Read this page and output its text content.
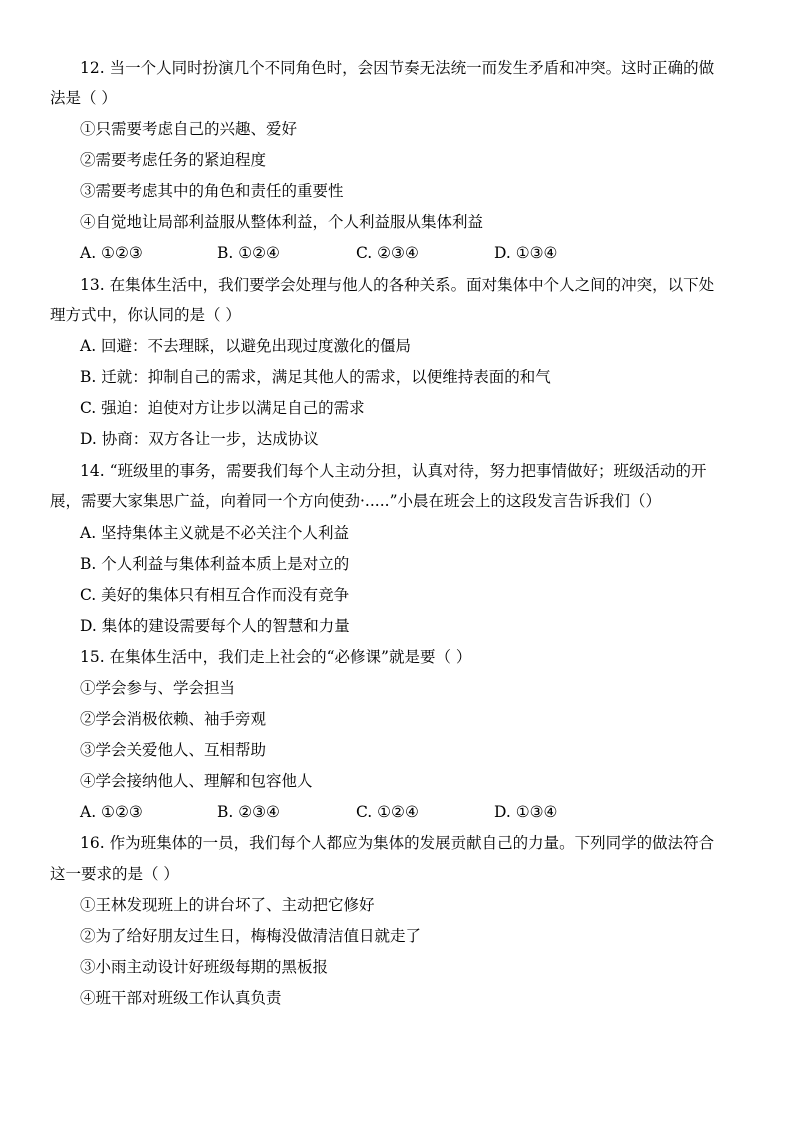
12. 当一个人同时扮演几个不同角色时，会因节奏无法统一而发生矛盾和冲突。这时正确的做
法是（ ）
①只需要考虑自己的兴趣、爱好
②需要考虑任务的紧迫程度
③需要考虑其中的角色和责任的重要性
④自觉地让局部利益服从整体利益，个人利益服从集体利益
A. ①②③	B. ①②④	C. ②③④	D. ①③④
13. 在集体生活中，我们要学会处理与他人的各种关系。面对集体中个人之间的冲突，以下处
理方式中，你认同的是（ ）
A. 回避：不去理睬，以避免出现过度激化的僵局
B. 迁就：抑制自己的需求，满足其他人的需求，以便维持表面的和气
C. 强迫：迫使对方让步以满足自己的需求
D. 协商：双方各让一步，达成协议
14. “班级里的事务，需要我们每个人主动分担，认真对待，努力把事情做好；班级活动的开
展，需要大家集思广益，向着同一个方向使劲·.....”小晨在班会上的这段发言告诉我们（）
A. 坚持集体主义就是不必关注个人利益
B. 个人利益与集体利益本质上是对立的
C. 美好的集体只有相互合作而没有竞争
D. 集体的建设需要每个人的智慧和力量
15. 在集体生活中，我们走上社会的“必修课”就是要（ ）
①学会参与、学会担当
②学会消极依赖、袖手旁观
③学会关爱他人、互相帮助
④学会接纳他人、理解和包容他人
A. ①②③	B. ②③④	C. ①②④	D. ①③④
16. 作为班集体的一员，我们每个人都应为集体的发展贡献自己的力量。下列同学的做法符合
这一要求的是（ ）
①王林发现班上的讲台坏了、主动把它修好
②为了给好朋友过生日，梅梅没做清洁值日就走了
③小雨主动设计好班级每期的黑板报
④班干部对班级工作认真负责
